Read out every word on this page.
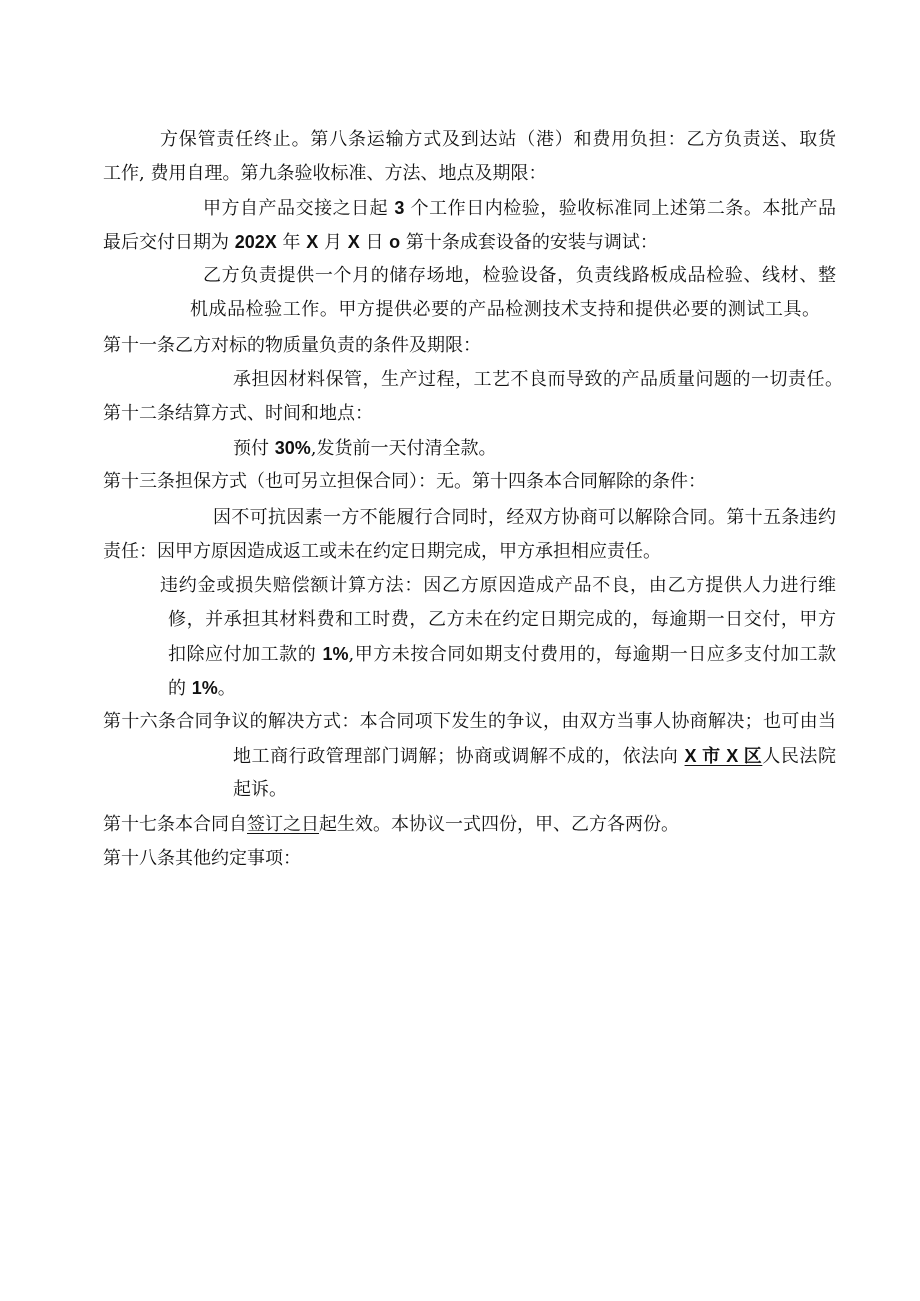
方保管责任终止。第八条运输方式及到达站（港）和费用负担：乙方负责送、取货
工作, 费用自理。第九条验收标准、方法、地点及期限：
甲方自产品交接之日起 3 个工作日内检验，验收标准同上述第二条。本批产品
最后交付日期为 202X 年 X 月 X 日 o 第十条成套设备的安装与调试：
乙方负责提供一个月的储存场地，检验设备，负责线路板成品检验、线材、整
机成品检验工作。甲方提供必要的产品检测技术支持和提供必要的测试工具。
第十一条乙方对标的物质量负责的条件及期限：
承担因材料保管，生产过程，工艺不良而导致的产品质量问题的一切责任。
第十二条结算方式、时间和地点：
预付 30%,发货前一天付清全款。
第十三条担保方式（也可另立担保合同）：无。第十四条本合同解除的条件：
因不可抗因素一方不能履行合同时，经双方协商可以解除合同。第十五条违约
责任：因甲方原因造成返工或未在约定日期完成，甲方承担相应责任。
违约金或损失赔偿额计算方法：因乙方原因造成产品不良，由乙方提供人力进行维
修，并承担其材料费和工时费，乙方未在约定日期完成的，每逾期一日交付，甲方
扣除应付加工款的 1%,甲方未按合同如期支付费用的，每逾期一日应多支付加工款
的 1%。
第十六条合同争议的解决方式：本合同项下发生的争议，由双方当事人协商解决；也可由当
地工商行政管理部门调解；协商或调解不成的，依法向 X 市 X 区人民法院
起诉。
第十七条本合同自签订之日起生效。本协议一式四份，甲、乙方各两份。
第十八条其他约定事项：
